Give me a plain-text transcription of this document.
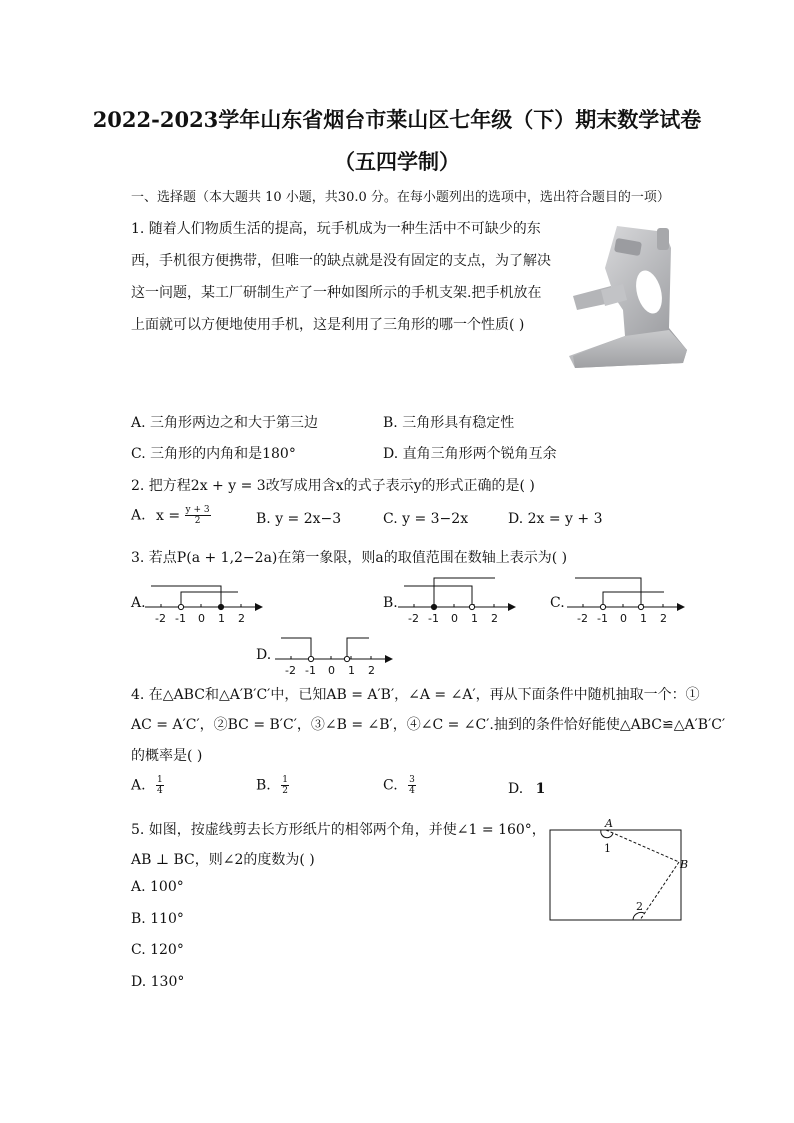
2022-2023学年山东省烟台市莱山区七年级（下）期末数学试卷
（五四学制）
一、选择题（本大题共 10 小题，共30.0 分。在每小题列出的选项中，选出符合题目的一项）
1. 随着人们物质生活的提高，玩手机成为一种生活中不可缺少的东
西，手机很方便携带，但唯一的缺点就是没有固定的支点，为了解决
这一问题，某工厂研制生产了一种如图所示的手机支架.把手机放在
上面就可以方便地使用手机，这是利用了三角形的哪一个性质( )
A. 三角形两边之和大于第三边	B. 三角形具有稳定性
C. 三角形的内角和是180°	D. 直角三角形两个锐角互余
2. 把方程2x + y = 3改写成用含x的式子表示y的形式正确的是( )
A. $x = \frac{y + 3}{2}$	B. y = 2x−3	C. y = 3−2x	D. 2x = y + 3
3. 若点P(a + 1,2−2a)在第一象限，则a的取值范围在数轴上表示为( )
A.	B.	C.
D.
-2 -1 0 1 2	-2 -1 0 1 2	-2 -1 0 1 2
-2 -1 0 1 2
4. 在△ABC和△A′B′C′中，已知AB = A′B′，∠A = ∠A′，再从下面条件中随机抽取一个：①
AC = A′C′，②BC = B′C′，③∠B = ∠B′，④∠C = ∠C′.抽到的条件恰好能使△ABC≌△A′B′C′
的概率是( )
A. $\frac{1}{4}$	B. $\frac{1}{2}$	C. $\frac{3}{4}$	D. 1
5. 如图，按虚线剪去长方形纸片的相邻两个角，并使∠1 = 160°，
AB ⊥ BC，则∠2的度数为( )
A. 100°
B. 110°
C. 120°
D. 130°
A
B
1
2
